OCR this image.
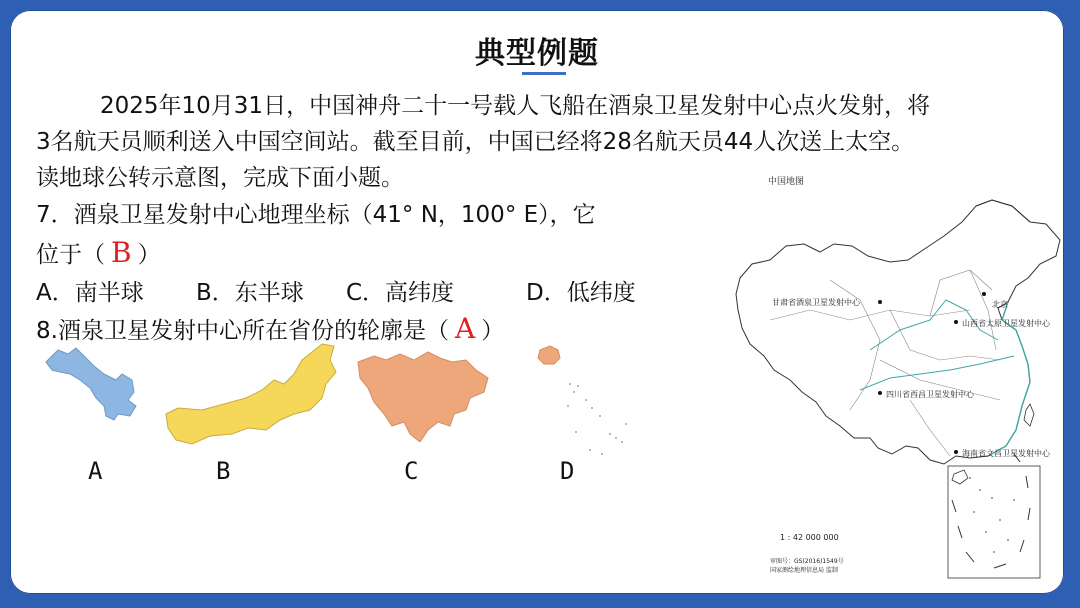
典型例题
2025年10月31日，中国神舟二十一号载人飞船在酒泉卫星发射中心点火发射，将
3名航天员顺利送入中国空间站。截至目前，中国已经将28名航天员44人次送上太空。
读地球公转示意图，完成下面小题。
7．酒泉卫星发射中心地理坐标（41° N，100° E），它
位于（ B ）
A．南半球 B．东半球 C．高纬度	D．低纬度
8.酒泉卫星发射中心所在省份的轮廓是（ A ）
A	B	C	D
中国地图
北京
甘肃省酒泉卫星发射中心
山西省太原卫星发射中心
四川省西昌卫星发射中心
海南省文昌卫星发射中心
1 : 42 000 000
审图号：GS(2016)1549号
国家测绘地理信息局 监制
